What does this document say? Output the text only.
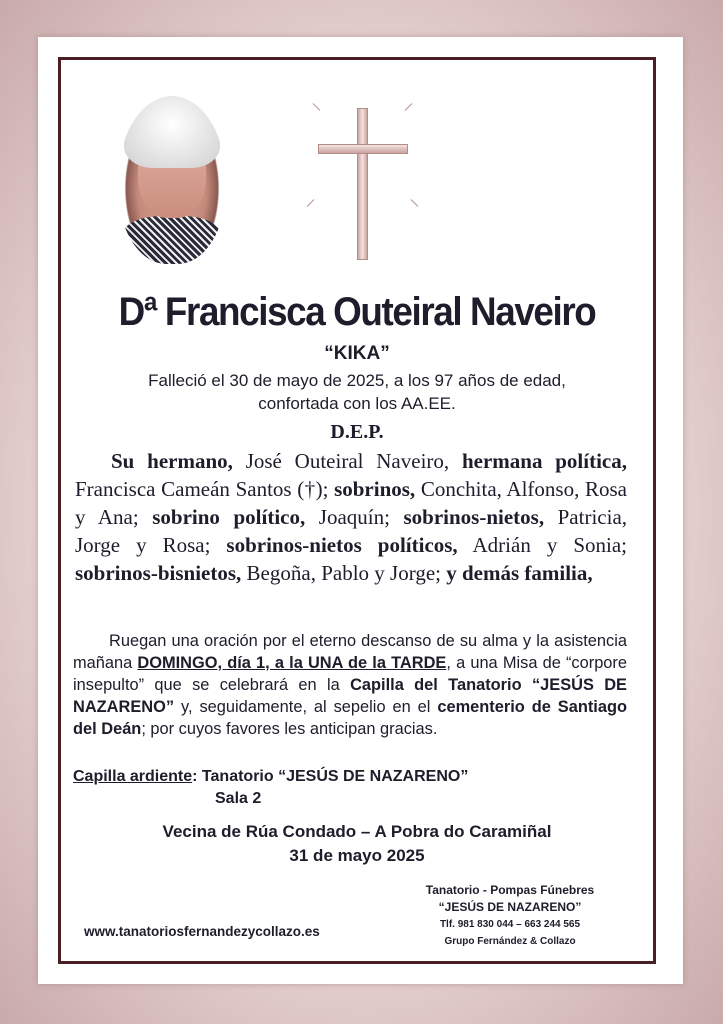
Dª Francisca Outeiral Naveiro
“KIKA”
Falleció el 30 de mayo de 2025, a los 97 años de edad,
confortada con los AA.EE.
D.E.P.
Su hermano, José Outeiral Naveiro, hermana política, Francisca Cameán Santos (†); sobrinos, Conchita, Alfonso, Rosa y Ana; sobrino político, Joaquín; sobrinos-nietos, Patricia, Jorge y Rosa; sobrinos-nietos políticos, Adrián y Sonia; sobrinos-bisnietos, Begoña, Pablo y Jorge; y demás familia,
Ruegan una oración por el eterno descanso de su alma y la asistencia mañana DOMINGO, día 1, a la UNA de la TARDE, a una Misa de “corpore insepulto” que se celebrará en la Capilla del Tanatorio “JESÚS DE NAZARENO” y, seguidamente, al sepelio en el cementerio de Santiago del Deán; por cuyos favores les anticipan gracias.
Capilla ardiente: Tanatorio “JESÚS DE NAZARENO”
Sala 2
Vecina de Rúa Condado – A Pobra do Caramiñal
31 de mayo 2025
Tanatorio - Pompas Fúnebres
“JESÚS DE NAZARENO”
Tlf. 981 830 044 – 663 244 565
Grupo Fernández & Collazo
www.tanatoriosfernandezycollazo.es
